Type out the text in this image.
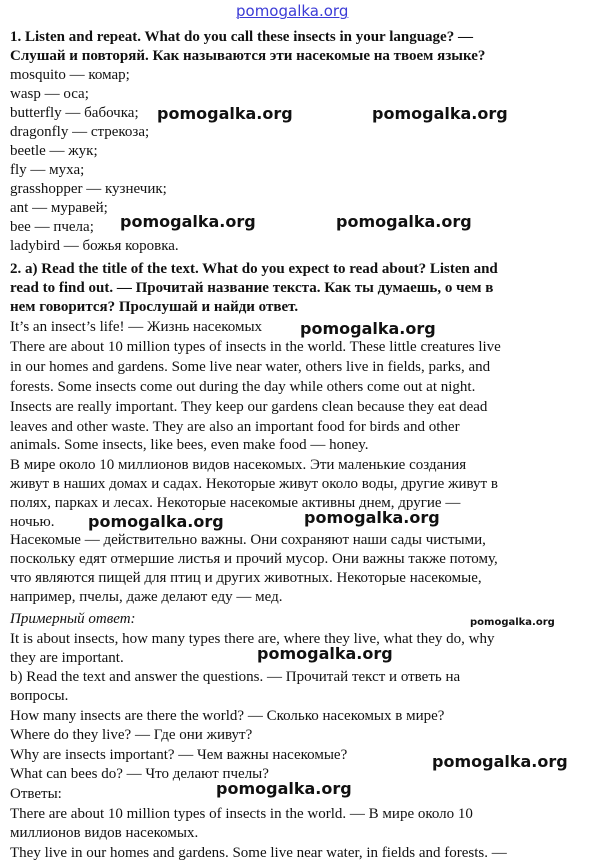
pomogalka.org
1. Listen and repeat. What do you call these insects in your language? —
Слушай и повторяй. Как называются эти насекомые на твоем языке?
mosquito — комар;
wasp — оса;
butterfly — бабочка;
dragonfly — стрекоза;
beetle — жук;
fly — муха;
grasshopper — кузнечик;
ant — муравей;
bee — пчела;
ladybird — божья коровка.
2. а) Read the title of the text. What do you expect to read about? Listen and
read to find out. — Прочитай название текста. Как ты думаешь, о чем в
нем говорится? Прослушай и найди ответ.
It’s an insect’s life! — Жизнь насекомых
There are about 10 million types of insects in the world. These little creatures live
in our homes and gardens. Some live near water, others live in fields, parks, and
forests. Some insects come out during the day while others come out at night.
Insects are really important. They keep our gardens clean because they eat dead
leaves and other waste. They are also an important food for birds and other
animals. Some insects, like bees, even make food — honey.
В мире около 10 миллионов видов насекомых. Эти маленькие создания
живут в наших домах и садах. Некоторые живут около воды, другие живут в
полях, парках и лесах. Некоторые насекомые активны днем, другие —
ночью.
Насекомые — действительно важны. Они сохраняют наши сады чистыми,
поскольку едят отмершие листья и прочий мусор. Они важны также потому,
что являются пищей для птиц и других животных. Некоторые насекомые,
например, пчелы, даже делают еду — мед.
Примерный ответ:
It is about insects, how many types there are, where they live, what they do, why
they are important.
b) Read the text and answer the questions. — Прочитай текст и ответь на
вопросы.
How many insects are there the world? — Сколько насекомых в мире?
Where do they live? — Где они живут?
Why are insects important? — Чем важны насекомые?
What can bees do? — Что делают пчелы?
Ответы:
There are about 10 million types of insects in the world. — В мире около 10
миллионов видов насекомых.
They live in our homes and gardens. Some live near water, in fields and forests. —
pomogalka.org	pomogalka.org
pomogalka.org	pomogalka.org
pomogalka.org
pomogalka.org	pomogalka.org
pomogalka.org
pomogalka.org
pomogalka.org
pomogalka.org
